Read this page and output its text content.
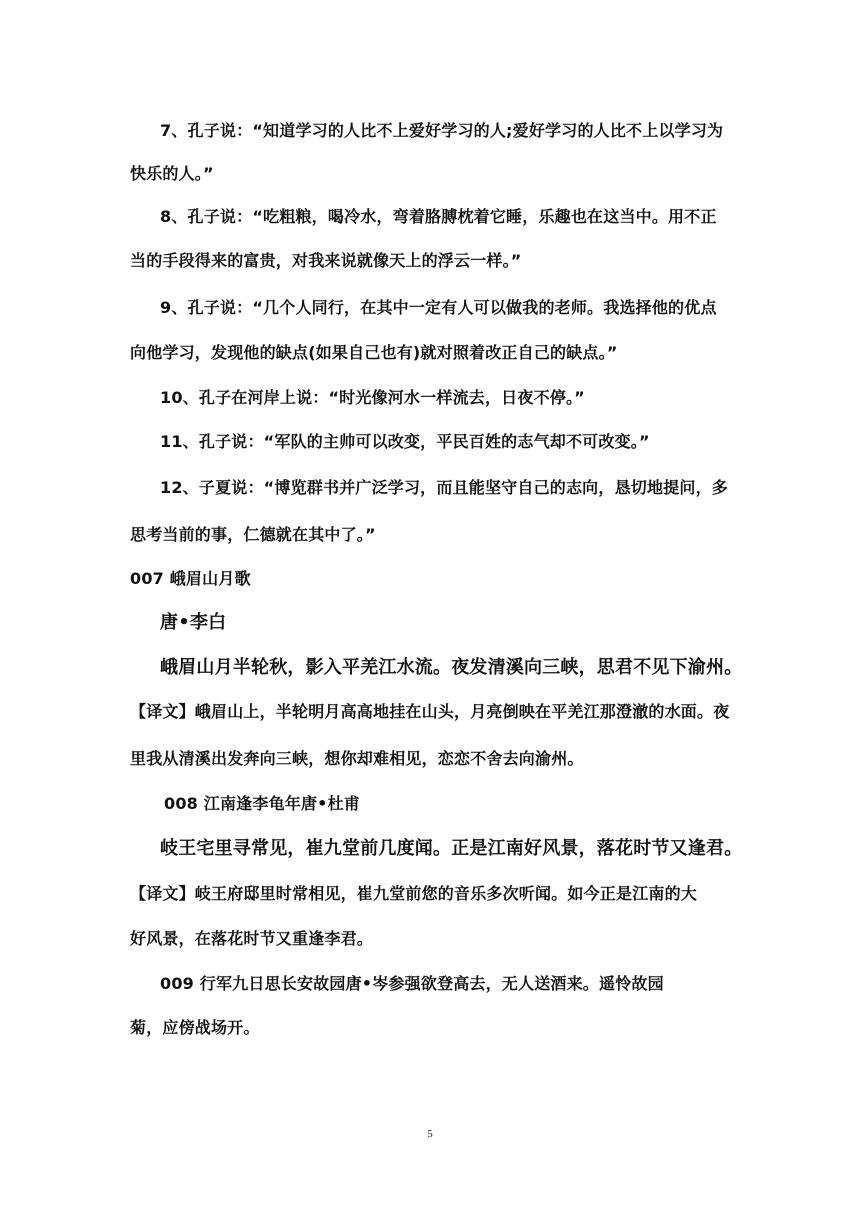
7、孔子说：“知道学习的人比不上爱好学习的人;爱好学习的人比不上以学习为
快乐的人。”
8、孔子说：“吃粗粮，喝冷水，弯着胳膊枕着它睡，乐趣也在这当中。用不正
当的手段得来的富贵，对我来说就像天上的浮云一样。”
9、孔子说：“几个人同行，在其中一定有人可以做我的老师。我选择他的优点
向他学习，发现他的缺点(如果自己也有)就对照着改正自己的缺点。”
10、孔子在河岸上说：“时光像河水一样流去，日夜不停。”
11、孔子说：“军队的主帅可以改变，平民百姓的志气却不可改变。”
12、子夏说：“博览群书并广泛学习，而且能坚守自己的志向，恳切地提问，多
思考当前的事，仁德就在其中了。”
007 峨眉山月歌
唐•李白
峨眉山月半轮秋，影入平羌江水流。夜发清溪向三峡，思君不见下渝州。
【译文】峨眉山上，半轮明月高高地挂在山头，月亮倒映在平羌江那澄澈的水面。夜
里我从清溪出发奔向三峡，想你却难相见，恋恋不舍去向渝州。
008 江南逢李龟年唐•杜甫
岐王宅里寻常见，崔九堂前几度闻。正是江南好风景，落花时节又逢君。
【译文】岐王府邸里时常相见，崔九堂前您的音乐多次听闻。如今正是江南的大
好风景，在落花时节又重逢李君。
009 行军九日思长安故园唐•岑参强欲登高去，无人送酒来。遥怜故园
菊，应傍战场开。
5
